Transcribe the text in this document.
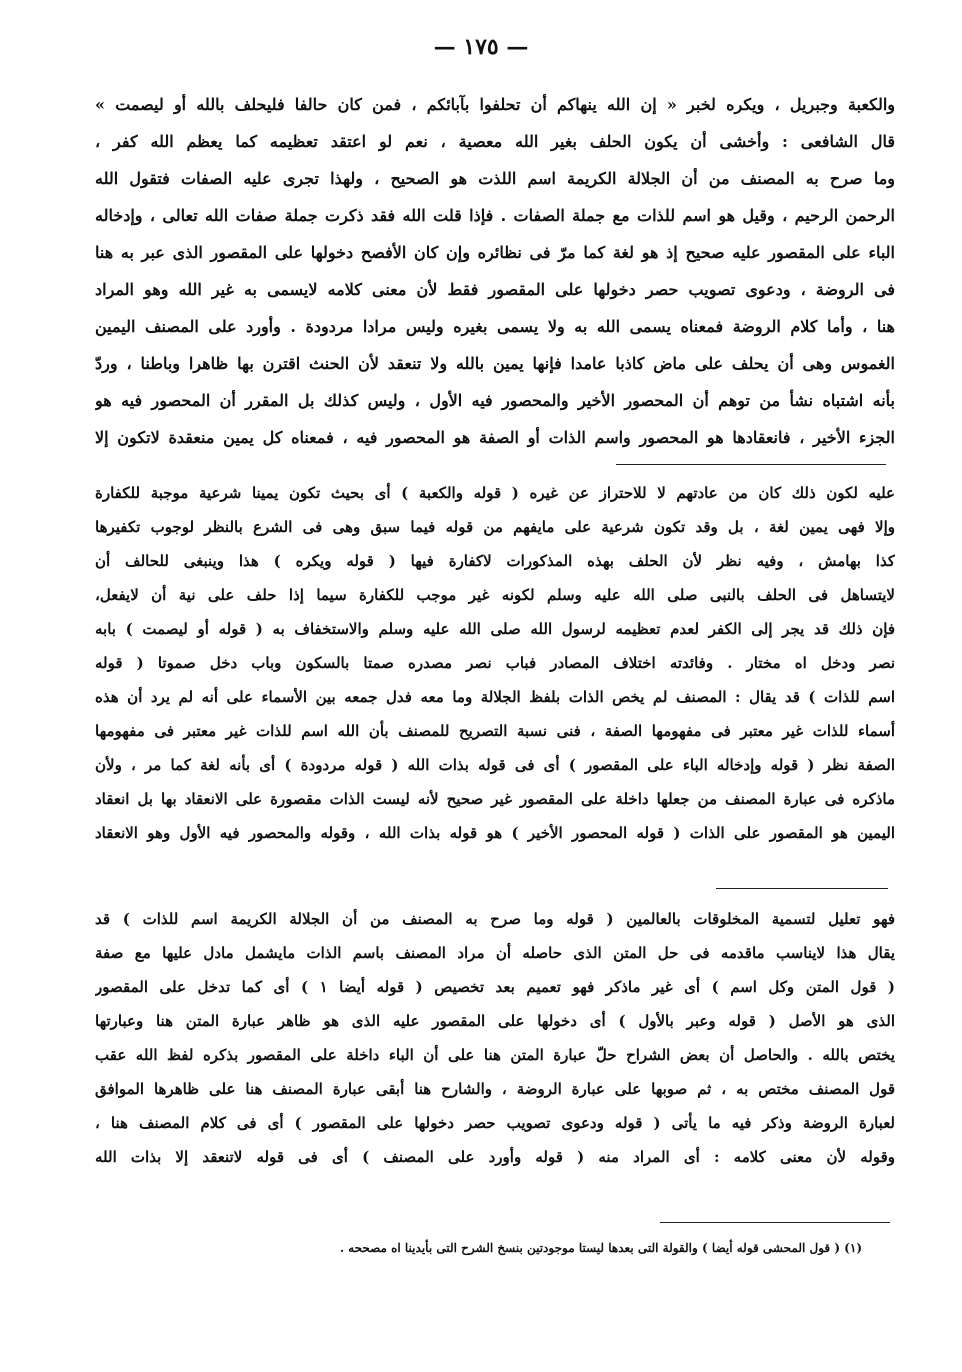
— ١٧٥ —
والكعبة وجبريل ، ويكره لخبر « إن الله ينهاكم أن تحلفوا بآبائكم ، فمن كان حالفا فليحلف بالله أو ليصمت »
قال الشافعى : وأخشى أن يكون الحلف بغير الله معصية ، نعم لو اعتقد تعظيمه كما يعظم الله كفر ،
وما صرح به المصنف من أن الجلالة الكريمة اسم اللذت هو الصحيح ، ولهذا تجرى عليه الصفات فتقول الله
الرحمن الرحيم ، وقيل هو اسم للذات مع جملة الصفات . فإذا قلت الله فقد ذكرت جملة صفات الله تعالى ، وإدخاله
الباء على المقصور عليه صحيح إذ هو لغة كما مرّ فى نظائره وإن كان الأفصح دخولها على المقصور الذى عبر به هنا
فى الروضة ، ودعوى تصويب حصر دخولها على المقصور فقط لأن معنى كلامه لايسمى به غير الله وهو المراد
هنا ، وأما كلام الروضة فمعناه يسمى الله به ولا يسمى بغيره وليس مرادا مردودة . وأورد على المصنف اليمين
الغموس وهى أن يحلف على ماض كاذبا عامدا فإنها يمين بالله ولا تنعقد لأن الحنث اقترن بها ظاهرا وباطنا ، وردّ
بأنه اشتباه نشأ من توهم أن المحصور الأخير والمحصور فيه الأول ، وليس كذلك بل المقرر أن المحصور فيه هو
الجزء الأخير ، فانعقادها هو المحصور واسم الذات أو الصفة هو المحصور فيه ، فمعناه كل يمين منعقدة لاتكون إلا
عليه لكون ذلك كان من عادتهم لا للاحتراز عن غيره ( قوله والكعبة ) أى بحيث تكون يمينا شرعية موجبة للكفارة
وإلا فهى يمين لغة ، بل وقد تكون شرعية على مايفهم من قوله فيما سبق وهى فى الشرع بالنظر لوجوب تكفيرها
كذا بهامش ، وفيه نظر لأن الحلف بهذه المذكورات لاكفارة فيها ( قوله ويكره ) هذا وينبغى للحالف أن
لايتساهل فى الحلف بالنبى صلى الله عليه وسلم لكونه غير موجب للكفارة سيما إذا حلف على نية أن لايفعل،
فإن ذلك قد يجر إلى الكفر لعدم تعظيمه لرسول الله صلى الله عليه وسلم والاستخفاف به ( قوله أو ليصمت ) بابه
نصر ودخل اه مختار . وفائدته اختلاف المصادر فباب نصر مصدره صمتا بالسكون وباب دخل صموتا ( قوله
اسم للذات ) قد يقال : المصنف لم يخص الذات بلفظ الجلالة وما معه فدل جمعه بين الأسماء على أنه لم يرد أن هذه
أسماء للذات غير معتبر فى مفهومها الصفة ، فنى نسبة التصريح للمصنف بأن الله اسم للذات غير معتبر فى مفهومها
الصفة نظر ( قوله وإدخاله الباء على المقصور ) أى فى قوله بذات الله ( قوله مردودة ) أى بأنه لغة كما مر ، ولأن
ماذكره فى عبارة المصنف من جعلها داخلة على المقصور غير صحيح لأنه ليست الذات مقصورة على الانعقاد بها بل انعقاد
اليمين هو المقصور على الذات ( قوله المحصور الأخير ) هو قوله بذات الله ، وقوله والمحصور فيه الأول وهو الانعقاد
فهو تعليل لتسمية المخلوقات بالعالمين ( قوله وما صرح به المصنف من أن الجلالة الكريمة اسم للذات ) قد
يقال هذا لايناسب ماقدمه فى حل المتن الذى حاصله أن مراد المصنف باسم الذات مايشمل مادل عليها مع صفة
( قول المتن وكل اسم ) أى غير ماذكر فهو تعميم بعد تخصيص ( قوله أيضا ١ ) أى كما تدخل على المقصور
الذى هو الأصل ( قوله وعبر بالأول ) أى دخولها على المقصور عليه الذى هو ظاهر عبارة المتن هنا وعبارتها
يختص بالله . والحاصل أن بعض الشراح حلّ عبارة المتن هنا على أن الباء داخلة على المقصور بذكره لفظ الله عقب
قول المصنف مختص به ، ثم صوبها على عبارة الروضة ، والشارح هنا أبقى عبارة المصنف هنا على ظاهرها الموافق
لعبارة الروضة وذكر فيه ما يأتى ( قوله ودعوى تصويب حصر دخولها على المقصور ) أى فى كلام المصنف هنا ،
وقوله لأن معنى كلامه : أى المراد منه ( قوله وأورد على المصنف ) أى فى قوله لاتنعقد إلا بذات الله
(١) ( قول المحشى قوله أيضا ) والقولة التى بعدها ليستا موجودتين بنسخ الشرح التى بأيدينا اه مصححه .
